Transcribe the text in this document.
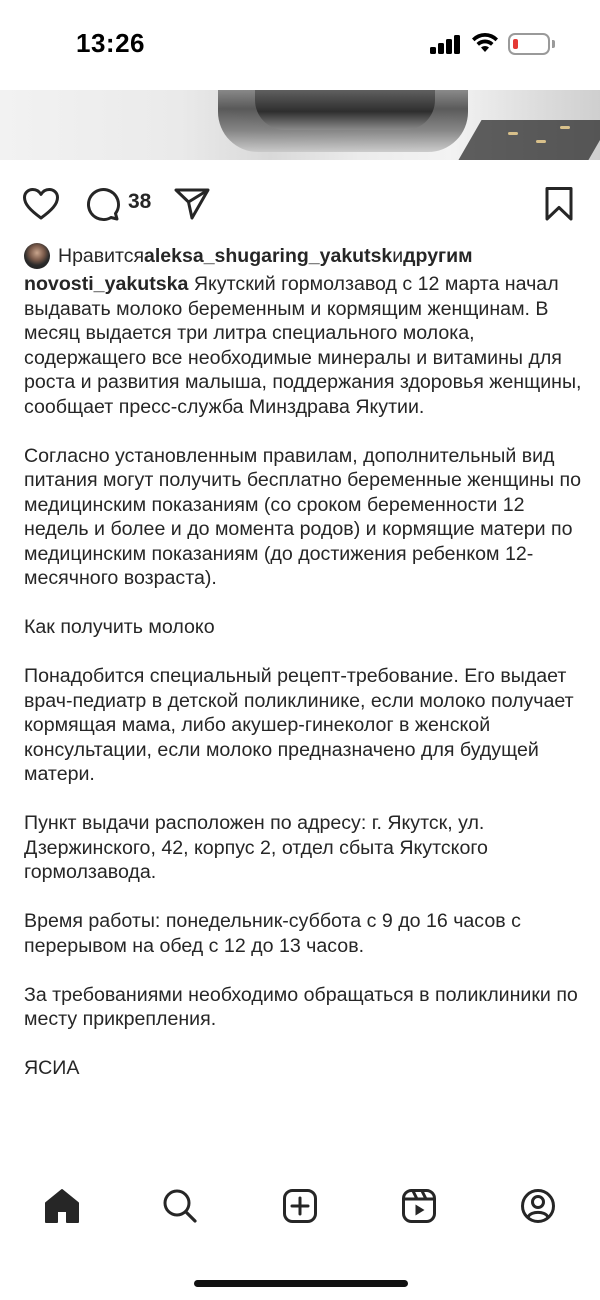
13:26
38
Нравится aleksa_shugaring_yakutsk и другим

novosti_yakutska Якутский гормолзавод с 12 марта начал выдавать молоко беременным и кормящим женщинам. В месяц выдается три литра специального молока, содержащего все необходимые минералы и витамины для роста и развития малыша, поддержания здоровья женщины, сообщает пресс-служба Минздрава Якутии.

Согласно установленным правилам, дополнительный вид питания могут получить бесплатно беременные женщины по медицинским показаниям (со сроком беременности 12 недель и более и до момента родов) и кормящие матери по медицинским показаниям (до достижения ребенком 12-месячного возраста).

Как получить молоко

Понадобится специальный рецепт-требование. Его выдает врач-педиатр в детской поликлинике, если молоко получает кормящая мама, либо акушер-гинеколог в женской консультации, если молоко предназначено для будущей матери.

Пункт выдачи расположен по адресу: г. Якутск, ул. Дзержинского, 42, корпус 2, отдел сбыта Якутского гормолзавода.

Время работы: понедельник-суббота с 9 до 16 часов с перерывом на обед с 12 до 13 часов.

За требованиями необходимо обращаться в поликлиники по месту прикрепления.

ЯСИА
